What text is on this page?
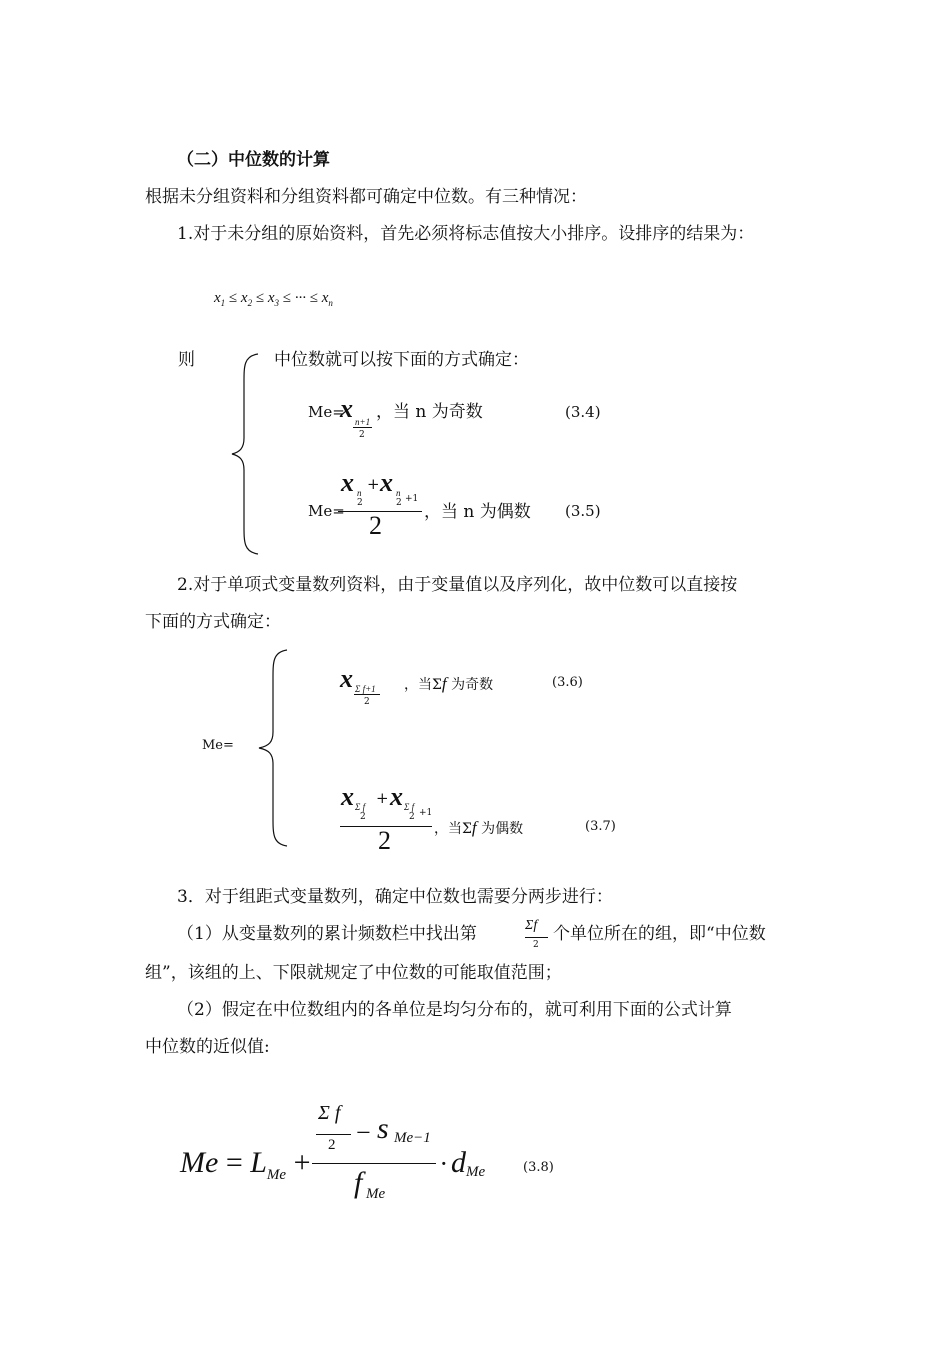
（二）中位数的计算
根据未分组资料和分组资料都可确定中位数。有三种情况：
1.对于未分组的原始资料，首先必须将标志值按大小排序。设排序的结果为：
$x_1 \le x_2 \le x_3$ ≤ ··· ≤ $x_n$
则	中位数就可以按下面的方式确定：
Me=
x n+1
2
，当 n 为奇数	(3.4)
x n
2
+ x n
2 +1
Me= 2 ，当 n 为偶数 (3.5)
2.对于单项式变量数列资料，由于变量值以及序列化，故中位数可以直接按
下面的方式确定：
Me=
x Σ f+1
2
，当Σf 为奇数	(3.6)
x Σ f
2
+ x Σ f
2 +1
2	，当Σf 为偶数	(3.7)
3．对于组距式变量数列，确定中位数也需要分两步进行：
（1）从变量数列的累计频数栏中找出第	Σf
2
个单位所在的组，即“中位数
组”，该组的上、下限就规定了中位数的可能取值范围；
（2）假定在中位数组内的各单位是均匀分布的，就可利用下面的公式计算
中位数的近似值:
$Me = L_{Me}$ +
Σ f
2 − s Me−1
f Me
· d Me	(3.8)
